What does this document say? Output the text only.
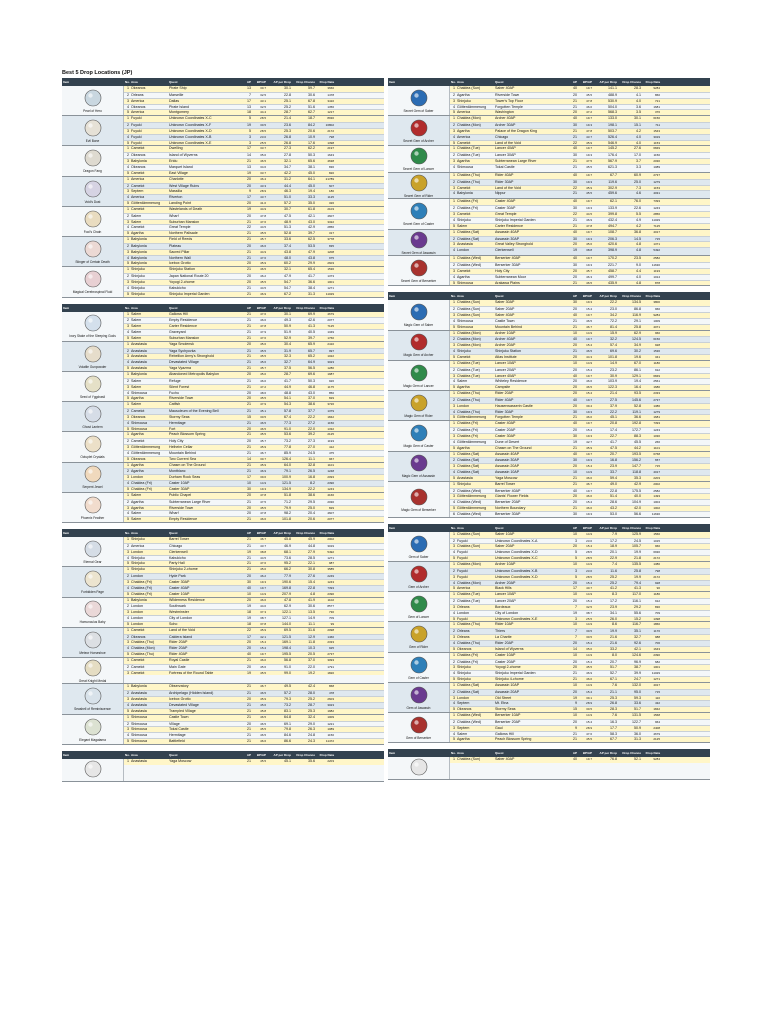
Best 5 Drop Locations (JP)
Item	No. Area	Quest	AP	BP/AP	AP per Drop	Drop Chance	Drop Data
Pearl of Hero
1 Okeanos	Pirate Ship	13	30.7	30.1	59.7	3660
2 Orleans	Marseille	7	32.5	22.8	30.6	1478
3 America	Dallas	17	43.1	25.1	67.8	3410
4 Okeanos	Pirate Island	13	32.5	25.2	51.6	1356
5 America	Montgomery	18	44.4	28.7	62.7	1217
Evil Bone
1 Fuyuki	Unknown Coordinates X-C	5	28.5	21.4	18.7	8930
2 Fuyuki	Unknown Coordinates X-F	19	30.5	23.6	84.2	16802
3 Fuyuki	Unknown Coordinates X-D	5	28.5	25.3	20.6	2172
4 Fuyuki	Unknown Coordinates X-B	3	23.0	26.8	10.9	798
5 Fuyuki	Unknown Coordinates X-E	3	25.5	26.8	17.6	1398
Dragon Fang
1 Camelot	Dwelling	17	33.7	27.3	62.2	2197
2 Okeanos	Island of Wyverns	14	35.0	27.8	50.3	1643
3 Babylonia	Eridu	21	46.5	32.1	65.6	4638
4 Okeanos	Marquet Island	13	34.6	34.7	38.1	836
5 Camelot	East Village	19	33.7	42.2	45.0	820
Void's Dust
1 America	Charlotte	20	46.4	31.2	64.1	21789
2 Camelot	West Village Ruins	20	43.3	44.4	45.0	607
3 Septem	Massilia	9	28.9	46.3	19.4	180
4 America	Riverton	17	43.7	51.0	33.3	1125
5 Götterdämmerung	Landing Point	20	41.0	57.2	35.0	326
Fool's Chain
1 Camelot	Wastelands of Death	19	44.9	30.7	61.8	2103
2 Salem	Wharf	20	47.8	47.5	42.1	4607
3 Salem	Suburban Mansion	21	47.6	48.9	43.0	3322
4 Camelot	Great Temple	22	44.5	51.3	42.9	2856
5 Agartha	Northern Palisade	21	45.5	52.8	39.7	317
Stinger of Certain Death
1 Babylonia	Field of Reeds	21	45.7	33.6	62.5	3778
2 Babylonia	Plateau	20	46.6	37.4	53.5	835
3 Babylonia	Sacred Pillar	21	44.9	43.8	47.9	1208
4 Babylonia	Northern Wall	21	47.6	48.0	43.8	975
5 Babylonia	Icebox Grotto	20	45.9	60.2	29.9	2603
Magical Cerebrospinal Fluid
1 Shinjuku	Shinjuku Station	21	46.5	32.1	65.4	1536
2 Shinjuku	Japan National Route 20	20	46.2	47.9	41.7	1373
3 Shinjuku	Yoyogi 2-chome	20	45.5	54.7	36.6	1001
4 Shinjuku	Kabukicho	21	44.5	54.7	38.4	1271
5 Shinjuku	Shinjuku Imperial Garden	21	46.9	67.2	31.3	11029
Item	No. Area	Quest	AP	BP/AP	AP per Drop	Drop Chance	Drop Data
Ivory Stake of the Sleeping Gods
1 Salem	Gallows Hill	21	47.6	30.1	69.9	4679
2 Salem	Empty Residence	21	46.6	49.3	42.6	2077
3 Salem	Carter Residence	21	47.8	50.9	41.3	7125
4 Salem	Graveyard	21	47.9	51.9	40.5	1349
5 Salem	Suburban Mansion	21	47.6	52.9	39.7	1760
Volatile Gunpowder
1 Anastasia	Yaga Smolensk	20	45.6	30.4	65.9	2410
2 Anastasia	Yaga Sychyovka	21	45.5	31.9	65.7	997
3 Anastasia	Rebellion Army's Stronghold	21	45.5	32.3	65.2	1022
4 Anastasia	Devastated Village	21	45.6	32.7	64.9	3023
5 Anastasia	Yaga Vyazma	21	45.7	37.5	56.5	1280
Seed of Yggdrasil
1 Babylonia	Abandoned Metropolis Babylon	20	45.0	28.7	69.6	1987
2 Salem	Refuge	21	46.0	41.7	50.3	926
3 Salem	Silent Forest	21	47.2	44.9	46.8	1175
4 Shimousa	Fuchu	20	48.6	48.8	43.0	850
5 Agartha	Riverside Town	20	45.5	54.1	37.0	829
Ghost Lantern
1 Salem	Catfish	21	47.9	54.3	38.6	3726
2 Camelot	Mausoleum of the Evening Bell	21	45.1	57.8	37.7	1379
3 Okeanos	Stormy Seas	15	30.5	67.4	22.2	1842
4 Shimousa	Hermitage	21	46.5	77.3	27.2	1150
5 Shimousa	Fort	20	46.5	91.0	22.0	1332
Octuplet Crystals
1 Agartha	Peach Blossom Spring	21	45.5	53.6	39.2	2125
2 Camelot	Holy City	20	45.7	73.2	27.3	1193
3 Götterdämmerung	Helheim Cellar	21	45.9	77.8	27.0	412
4 Götterdämmerung	Mountain Behind	21	46.7	85.9	24.5	475
5 Okeanos	Two Current Sea	14	30.7	126.4	11.1	967
Serpent Jewel
1 Agartha	Chasm on The Ground	21	45.9	64.0	32.8	1101
2 Agartha	Montblanc	21	46.9	79.1	26.5	1248
3 London	Durham Rock Seas	17	39.6	100.9	16.8	2093
4 Chaldea (Fri)	Caster 10AP	10	14.9	121.5	8.2	2390
5 Chaldea (Fri)	Caster 30AP	30	19.3	134.9	22.2	1243
Phoenix Feather
1 Salem	Public Chapel	20	47.8	51.8	38.6	4166
2 Agartha	Subterranean Large River	21	47.5	71.2	29.5	2030
3 Agartha	Riverside Town	20	45.5	79.9	25.0	829
4 Salem	Wharf	20	47.8	98.2	20.4	4607
5 Salem	Empty Residence	21	46.6	101.8	20.6	2077
Item	No. Area	Quest	AP	BP/AP	AP per Drop	Drop Chance	Drop Data
Eternal Gear
1 Shinjuku	Barrel Tower	21	46.7	45.8	45.9	2002
2 America	Chicago	21	43.7	46.9	44.8	3019
3 London	Clerkenwell	19	38.8	68.1	27.9	5492
4 Shinjuku	Kabukicho	21	44.5	73.6	28.5	1271
5 Shinjuku	Party Hall	21	47.6	95.2	22.1	987
Forbidden Page
1 Shinjuku	Shinjuku 2-chome	21	45.0	66.2	30.8	3585
2 London	Hyde Park	20	46.2	77.9	27.6	2249
3 Chaldea (Fri)	Caster 30AP	30	19.3	190.6	15.4	1243
4 Chaldea (Fri)	Caster 40AP	40	19.7	169.8	22.8	7393
5 Chaldea (Fri)	Caster 10AP	10	14.9	207.9	4.8	2390
Homunculus Baby
1 Babylonia	Wilderness Residence	20	46.6	47.8	41.9	1102
2 London	Southwark	19	44.0	62.9	30.6	8577
3 London	Westminster	18	37.3	122.1	13.5	730
4 London	City of London	19	38.7	127.1	14.9	709
5 London	Soho	18	37.8	144.0	11.1	99
Meteor Horseshoe
1 Camelot	Land of the Void	22	45.9	69.5	31.6	2098
2 Okeanos	Caldera Island	17	42.1	121.5	12.9	1460
3 Chaldea (Thu)	Rider 20AP	20	15.4	169.1	11.8	2333
4 Chaldea (Mon)	Rider 20AP	20	15.4	198.4	10.3	925
5 Chaldea (Thu)	Rider 40AP	40	19.7	195.5	20.5	2737
Great Knight Medal
1 Camelot	Royal Castle	21	46.0	56.8	37.0	3093
2 Camelot	Main Gate	20	45.6	91.0	22.0	1791
3 Camelot	Fortress of the Round Table	19	45.5	99.0	19.2	1820
Seashell of Reminiscence
1 Babylonia	Observatory	21	46.7	49.5	42.4	868
2 Anastasia	Archipelago (Hidden Island)	21	46.5	57.2	28.0	478
3 Anastasia	Icebox Grotto	20	45.9	79.3	25.2	2603
4 Anastasia	Devastated Village	21	45.6	73.2	28.7	3023
5 Anastasia	Trampled Village	21	45.8	83.1	25.3	1982
Elegant Magatama
1 Shimousa	Castle Town	21	46.5	64.8	32.4	1009
2 Shimousa	Village	20	46.5	69.1	29.0	1221
3 Shimousa	Tokai Castle	21	45.5	79.8	26.3	1089
4 Shimousa	Hermitage	21	46.5	84.6	24.8	1150
5 Shimousa	Battlefield	21	46.6	86.6	24.3	11472
Item	No. Area	Quest	AP	BP/AP	AP per Drop	Drop Chance	Drop Data
1 Anastasia	Yaga Moscow	21	45.5	45.1	35.6	2203
Item	No. Area	Quest	AP	BP/AP	AP per Drop	Drop Chance	Drop Data
Secret Gem of Saber
1 Chaldea (Sun)	Saber 40AP	40	19.7	141.1	28.3	9284
2 Agartha	Riverside Town	20	45.5	488.9	4.1	860
3 Shinjuku	Tower's Top Floor	21	47.8	530.9	4.0	721
4 Götterdämmerung	Forgotten Temple	21	46.0	504.0	3.6	1681
5 America	Washington	20	47.2	568.3	3.5	376
Secret Gem of Archer
1 Chaldea (Mon)	Archer 40AP	40	19.7	133.0	30.1	6150
2 Chaldea (Mon)	Archer 30AP	30	19.3	198.1	15.1	711
3 Agartha	Palace of the Dragon King	21	47.8	503.7	4.2	1543
4 America	Chicago	21	43.7	526.4	4.0	3019
5 Camelot	Land of the Void	22	45.9	546.9	4.0	1153
Secret Gem of Lancer
1 Chaldea (Tue)	Lancer 40AP	40	19.7	145.2	27.6	6849
2 Chaldea (Tue)	Lancer 30AP	30	19.3	176.4	17.0	1150
3 Agartha	Subterranean Large River	21	47.5	567.9	3.7	2030
4 Shimousa	Tokai Castle	21	45.5	621.3	3.3	1089
Secret Gem of Rider
1 Chaldea (Thu)	Rider 40AP	40	19.7	67.7	60.9	2737
2 Chaldea (Thu)	Rider 30AP	30	19.3	119.6	25.0	1279
3 Camelot	Land of the Void	22	45.9	302.9	7.3	1153
4 Babylonia	Nippur	21	45.5	459.6	4.6	4031
Secret Gem of Caster
1 Chaldea (Fri)	Caster 40AP	40	19.7	62.1	76.0	7393
2 Chaldea (Fri)	Caster 30AP	30	19.3	133.9	22.6	1243
3 Camelot	Great Temple	22	44.5	399.8	5.5	2856
4 Shinjuku	Shinjuku Imperial Garden	21	46.9	432.4	4.9	11029
5 Salem	Carter Residence	21	47.8	494.7	4.2	7125
Secret Gem of Assassin
1 Chaldea (Sat)	Assassin 40AP	40	19.7	108.7	36.8	4017
2 Chaldea (Sat)	Assassin 30AP	30	19.3	206.3	14.5	715
3 Anastasia	Great Valley Stronghold	20	45.6	420.6	4.8	1371
4 London	Clerkenwell	19	38.8	398.9	4.8	5492
Secret Gem of Berserker
1 Chaldea (Wed)	Berserker 40AP	40	19.7	170.2	23.5	2582
2 Chaldea (Wed)	Berserker 30AP	30	19.3	221.7	9.0	11630
3 Camelot	Holy City	20	45.7	458.7	4.4	1193
4 Agartha	Subterranean Moor	20	46.3	499.7	4.0	1014
5 Shimousa	Arakawa Plains	21	46.5	435.9	4.8	878
Item	No. Area	Quest	AP	BP/AP	AP per Drop	Drop Chance	Drop Data
Magic Gem of Saber
1 Chaldea (Sun)	Saber 30AP	30	19.3	22.2	134.5	3800
2 Chaldea (Sun)	Saber 20AP	20	15.4	23.0	86.8	960
3 Chaldea (Sun)	Saber 40AP	40	19.7	34.2	116.9	9284
4 Shimousa	Castle Town	21	46.5	72.2	29.1	1009
5 Shimousa	Mountain Behind	21	46.7	81.4	25.8	4071
Magic Gem of Archer
1 Chaldea (Mon)	Archer 10AP	10	14.9	15.9	62.9	960
2 Chaldea (Mon)	Archer 40AP	40	19.7	32.2	124.5	6150
3 Chaldea (Mon)	Archer 20AP	20	15.4	57.4	34.9	928
4 Shinjuku	Shinjuku Station	21	46.5	69.6	30.2	1536
5 Camelot	Atlas Institute	20	44.3	101.8	19.6	341
Magic Gem of Lancer
1 Chaldea (Tue)	Lancer 10AP	10	14.9	14.9	67.0	1180
2 Chaldea (Tue)	Lancer 20AP	20	15.4	23.2	86.1	912
3 Chaldea (Tue)	Lancer 40AP	40	19.7	30.9	129.1	6849
4 Salem	Whiteley Residence	20	46.6	103.9	19.4	2561
5 Agartha	Campsite	20	46.5	122.3	16.4	1680
Magic Gem of Rider
1 Chaldea (Thu)	Rider 20AP	20	15.4	21.4	93.5	2333
2 Chaldea (Thu)	Rider 40AP	40	19.7	27.5	145.6	2737
3 London	Hausenwasserin Castle	20	39.4	37.9	52.8	1386
4 Chaldea (Thu)	Rider 30AP	30	19.3	22.2	119.1	1279
5 Götterdämmerung	Forgotten Temple	21	46.0	45.1	36.6	1681
Magic Gem of Caster
1 Chaldea (Fri)	Caster 40AP	40	19.7	20.8	192.8	7393
2 Chaldea (Fri)	Caster 20AP	20	15.4	17.4	172.7	1243
3 Chaldea (Fri)	Caster 30AP	30	19.3	22.7	88.3	1030
4 Götterdämmerung	Dune of Desert	19	42.7	41.7	45.5	266
5 Agartha	Chasm on The Ground	21	45.9	47.5	44.2	1101
Magic Gem of Assassin
1 Chaldea (Sat)	Assassin 40AP	40	19.7	20.7	193.5	6768
2 Chaldea (Sat)	Assassin 30AP	30	19.3	16.8	156.2	657
3 Chaldea (Sat)	Assassin 20AP	20	15.4	23.9	147.7	715
4 Chaldea (Sat)	Assassin 10AP	10	14.9	33.7	118.8	4017
5 Anastasia	Yaga Moscow	21	46.0	59.4	35.3	2203
Magic Gem of Berserker
1 Shinjuku	Barrel Tower	21	46.7	49.0	42.9	2002
2 Chaldea (Wed)	Berserker 40AP	40	19.7	22.8	175.5	2582
3 Götterdämmerung	Giants' Flower Fields	20	46.0	51.4	40.0	1493
4 Chaldea (Wed)	Berserker 20AP	20	15.4	28.6	104.9	1004
5 Götterdämmerung	Northern Boundary	21	46.0	43.2	42.0	1002
6 Chaldea (Wed)	Berserker 30AP	30	19.3	53.0	56.6	11630
Item	No. Area	Quest	AP	BP/AP	AP per Drop	Drop Chance	Drop Data
Gem of Saber
1 Chaldea (Sun)	Saber 10AP	10	14.9	7.9	125.9	1560
2 Fuyuki	Unknown Coordinates X-A	3	23.0	17.2	24.5	1015
3 Chaldea (Sun)	Saber 20AP	20	15.4	18.9	105.7	960
4 Fuyuki	Unknown Coordinates X-D	5	28.5	20.1	19.9	6930
5 Fuyuki	Unknown Coordinates X-C	5	28.5	22.9	21.8	2172
Gem of Archer
1 Chaldea (Mon)	Archer 10AP	10	14.9	7.4	135.5	1380
2 Fuyuki	Unknown Coordinates X-B	3	23.0	11.6	25.8	798
3 Fuyuki	Unknown Coordinates X-D	5	28.5	25.2	19.9	2172
4 Chaldea (Mon)	Archer 20AP	20	15.4	25.2	79.4	928
5 America	Black Hills	17	40.7	41.2	41.3	90
Gem of Lancer
1 Chaldea (Tue)	Lancer 10AP	10	14.9	8.3	117.0	1180
2 Chaldea (Tue)	Lancer 20AP	20	15.4	17.2	116.1	912
3 Orleans	Bordeaux	7	32.5	23.9	29.2	830
4 London	City of London	19	38.7	34.1	55.6	709
5 Fuyuki	Unknown Coordinates X-E	3	25.5	26.0	15.2	1398
Gem of Rider
1 Chaldea (Thu)	Rider 10AP	10	14.9	8.6	116.7	1860
2 Orleans	Thiers	7	30.5	19.9	35.1	1176
3 Orleans	La Charite	7	30.5	21.6	32.7	988
4 Chaldea (Thu)	Rider 20AP	20	15.4	21.6	92.6	706
5 Okeanos	Island of Wyverns	14	35.0	33.2	42.1	1643
Gem of Caster
1 Chaldea (Fri)	Caster 10AP	10	14.9	8.0	124.6	2390
2 Chaldea (Fri)	Caster 20AP	20	15.4	20.7	96.9	682
3 Shinjuku	Yoyogi 2-chome	20	45.5	51.7	38.7	1001
4 Shinjuku	Shinjuku Imperial Garden	21	46.9	52.7	39.9	11029
5 Shinjuku	Shinjuku 4-chome	21	46.0	67.1	24.7	1271
Gem of Assassin
1 Chaldea (Sat)	Assassin 10AP	10	14.9	7.6	132.0	4017
2 Chaldea (Sat)	Assassin 20AP	20	15.4	21.1	95.0	715
3 London	Old Street	19	39.1	25.3	59.3	110
4 Septem	Mt. Etna	9	28.9	26.8	33.6	432
5 Okeanos	Stormy Seas	15	30.5	28.3	51.7	1842
Gem of Berserker
1 Chaldea (Wed)	Berserker 10AP	10	14.9	7.6	131.5	1568
2 Chaldea (Wed)	Berserker 20AP	20	15.4	16.3	122.7	964
3 Septem	Gaul	9	28.9	17.7	50.9	2408
4 Salem	Gallows Hill	21	47.6	58.3	36.0	4679
5 Agartha	Peach Blossom Spring	21	45.5	67.7	31.3	2125
Item	No. Area	Quest	AP	BP/AP	AP per Drop	Drop Chance	Drop Data
1 Chaldea (Sun)	Saber 40AP	40	19.7	76.8	52.1	9284
